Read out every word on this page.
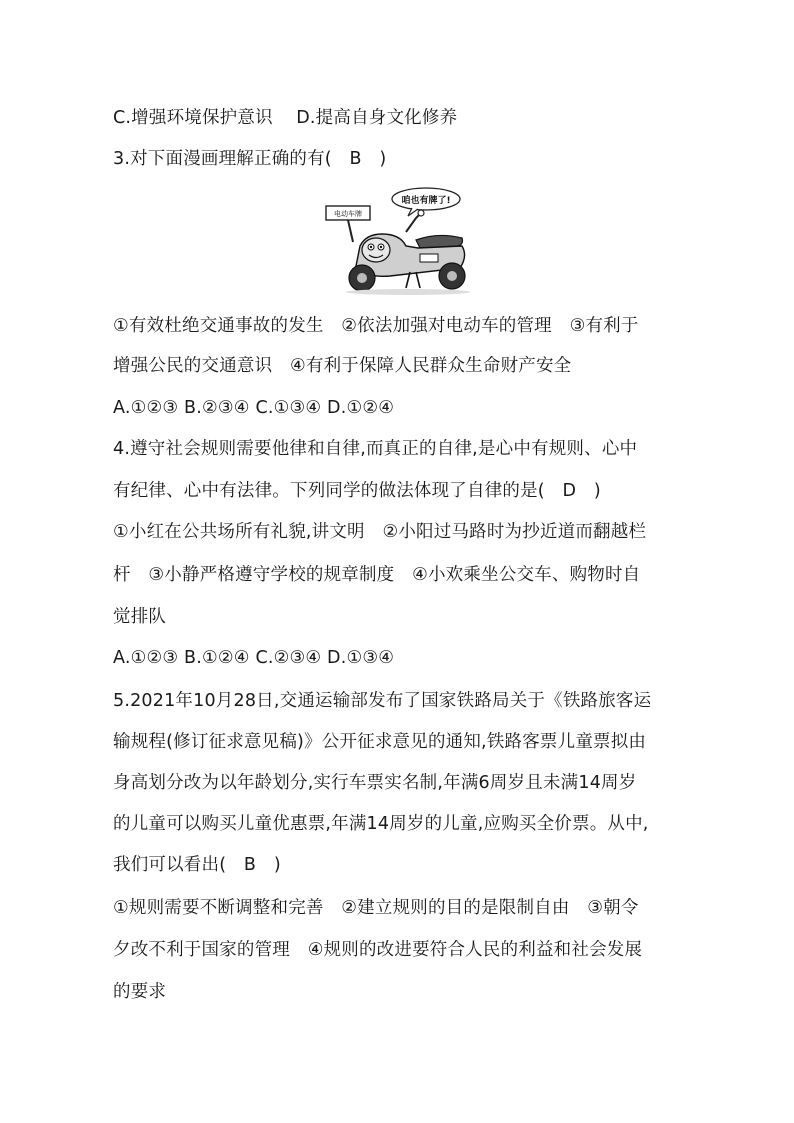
C.增强环境保护意识　 D.提高自身文化修养
3.对下面漫画理解正确的有(　B　)
电动车牌
咱也有牌了!
①有效杜绝交通事故的发生　②依法加强对电动车的管理　③有利于
增强公民的交通意识　④有利于保障人民群众生命财产安全
A.①②③ B.②③④ C.①③④ D.①②④
4.遵守社会规则需要他律和自律,而真正的自律,是心中有规则、心中
有纪律、心中有法律。下列同学的做法体现了自律的是(　D　)
①小红在公共场所有礼貌,讲文明　②小阳过马路时为抄近道而翻越栏
杆　③小静严格遵守学校的规章制度　④小欢乘坐公交车、购物时自
觉排队
A.①②③ B.①②④ C.②③④ D.①③④
5.2021年10月28日,交通运输部发布了国家铁路局关于《铁路旅客运
输规程(修订征求意见稿)》公开征求意见的通知,铁路客票儿童票拟由
身高划分改为以年龄划分,实行车票实名制,年满6周岁且未满14周岁
的儿童可以购买儿童优惠票,年满14周岁的儿童,应购买全价票。从中,
我们可以看出(　B　)
①规则需要不断调整和完善　②建立规则的目的是限制自由　③朝令
夕改不利于国家的管理　④规则的改进要符合人民的利益和社会发展
的要求
